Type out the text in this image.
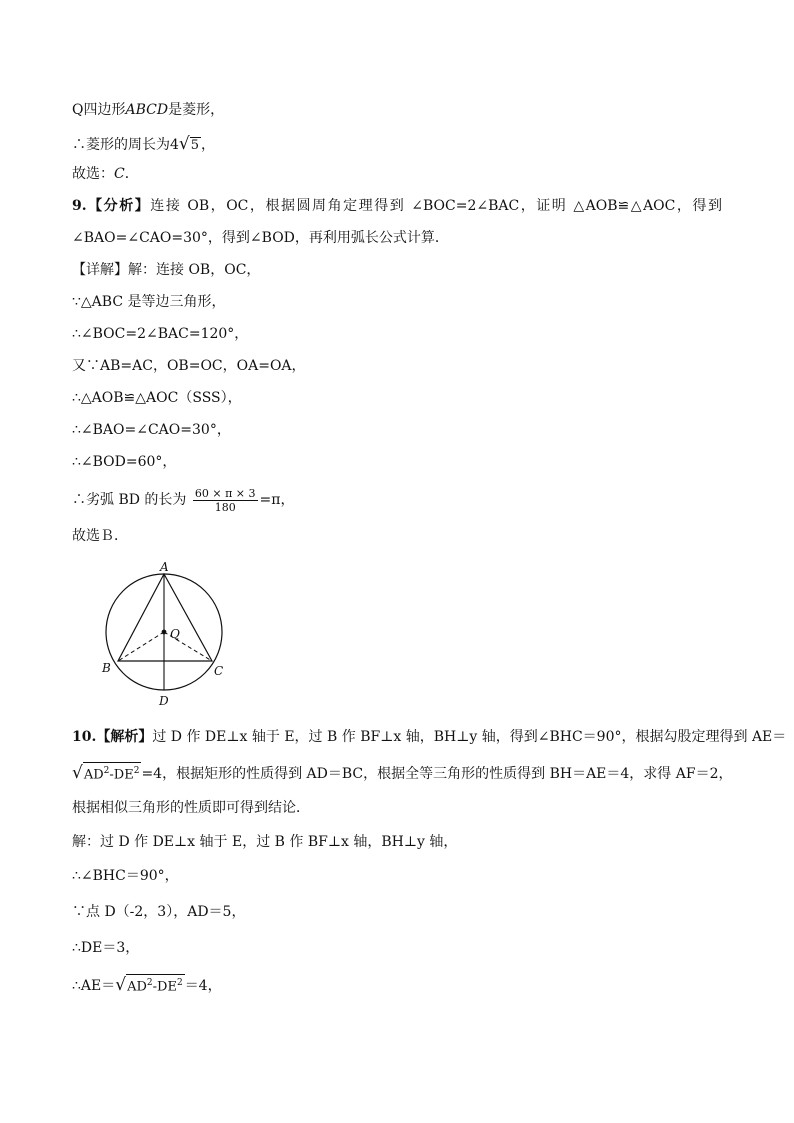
Q四边形ABCD是菱形，
∴菱形的周长为4√5 ，
故选：C．
9.【分析】连接 OB，OC，根据圆周角定理得到 ∠BOC=2∠BAC，证明 △AOB≌△AOC，得到
∠BAO=∠CAO=30°，得到∠BOD，再利用弧长公式计算．
【详解】解：连接 OB，OC，
∵△ABC 是等边三角形，
∴∠BOC=2∠BAC=120°，
又∵AB=AC，OB=OC，OA=OA，
∴△AOB≌△AOC（SSS），
∴∠BAO=∠CAO=30°，
∴∠BOD=60°，
∴劣弧 BD 的长为 $\frac{60 \times \pi \times 3}{180} =\pi$，
故选Ｂ．
A
B	C
D
Q
10.【解析】过 D 作 DE⊥x 轴于 E，过 B 作 BF⊥x 轴，BH⊥y 轴，得到∠BHC＝90°，根据勾股定理得到 AE＝
$√AD^2-DE^2 =4$，根据矩形的性质得到 AD＝BC，根据全等三角形的性质得到 BH＝AE＝4，求得 AF＝2，
根据相似三角形的性质即可得到结论．
解：过 D 作 DE⊥x 轴于 E，过 B 作 BF⊥x 轴，BH⊥y 轴，
∴∠BHC＝90°，
∵点 D（-2，3），AD＝5，
∴DE＝3，
$\therefore AE=√AD^2-DE^2 =4$，
